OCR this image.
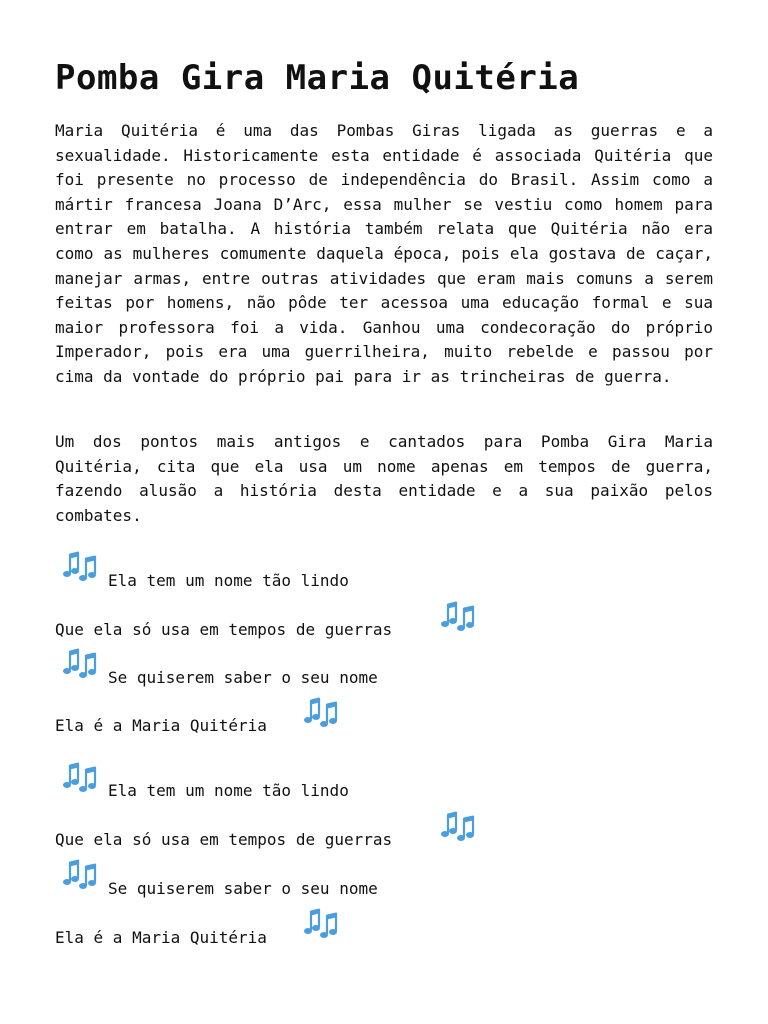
Pomba Gira Maria Quitéria

Maria Quitéria é uma das Pombas Giras ligada as guerras e a sexualidade. Historicamente esta entidade é associada Quitéria que foi presente no processo de independência do Brasil. Assim como a mártir francesa Joana D’Arc, essa mulher se vestiu como homem para entrar em batalha. A história também relata que Quitéria não era como as mulheres comumente daquela época, pois ela gostava de caçar, manejar armas, entre outras atividades que eram mais comuns a serem feitas por homens, não pôde ter acessoa uma educação formal e sua maior professora foi a vida. Ganhou uma condecoração do próprio Imperador, pois era uma guerrilheira, muito rebelde e passou por cima da vontade do próprio pai para ir as trincheiras de guerra.

Um dos pontos mais antigos e cantados para Pomba Gira Maria Quitéria, cita que ela usa um nome apenas em tempos de guerra, fazendo alusão a história desta entidade e a sua paixão pelos combates.

Ela tem um nome tão lindo

Que ela só usa em tempos de guerras

Se quiserem saber o seu nome

Ela é a Maria Quitéria

Ela tem um nome tão lindo

Que ela só usa em tempos de guerras

Se quiserem saber o seu nome

Ela é a Maria Quitéria
